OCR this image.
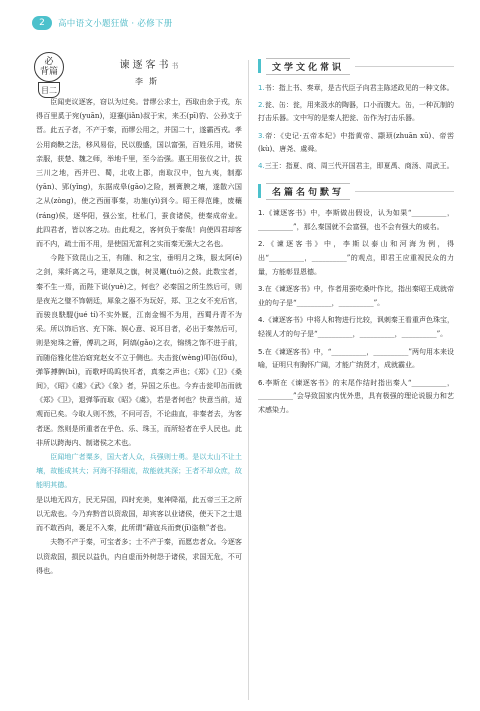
2	高中语文小题狂做 · 必修下册
必
背篇
目二
谏逐客书书
李斯

臣闻吏议逐客，窃以为过矣。昔缪公求士，西取由余于戎，东得百里奚于宛(yuān)，迎蹇(jiǎn)叔于宋，来丕(pī)豹、公孙支于晋。此五子者，不产于秦，而缪公用之，并国二十，遂霸西戎。孝公用商鞅之法，移风易俗，民以殷盛，国以富强，百姓乐用，诸侯亲服，获楚、魏之师，举地千里，至今治强。惠王用张仪之计，拔三川之地，西并巴、蜀，北收上郡，南取汉中，包九夷，制鄢(yān)、郢(yǐng)，东据成皋(gāo)之险，割膏腴之壤，遂散六国之从(zòng)，使之西面事秦，功施(yì)到今。昭王得范雎，废穰(ráng)侯，逐华阳，强公室，杜私门，蚕食诸侯，使秦成帝业。此四君者，皆以客之功。由此观之，客何负于秦哉！向使四君却客而不内，疏士而不用，是使国无富利之实而秦无强大之名也。

今陛下致昆山之玉，有随、和之宝，垂明月之珠，服太阿(ē)之剑，乘纤离之马，建翠凤之旗，树灵鼍(tuó)之鼓。此数宝者，秦不生一焉，而陛下说(yuè)之，何也？必秦国之所生然后可，则是夜光之璧不饰朝廷，犀象之器不为玩好，郑、卫之女不充后宫，而骏良駃騠(jué tí)不实外厩，江南金锡不为用，西蜀丹青不为采。所以饰后宫、充下陈、娱心意、说耳目者，必出于秦然后可，则是宛珠之簪，傅玑之珥，阿缟(gǎo)之衣，锦绣之饰不进于前，而随俗雅化佳冶窈窕赵女不立于侧也。夫击瓮(wèng)叩缶(fǒu)，弹筝搏髀(bì)，而歌呼呜呜快耳者，真秦之声也；《郑》《卫》《桑间》，《昭》《虞》《武》《象》者，异国之乐也。今弃击瓮叩缶而就《郑》《卫》，退弹筝而取《昭》《虞》，若是者何也？快意当前，适观而已矣。今取人则不然，不问可否，不论曲直，非秦者去，为客者逐。然则是所重者在乎色、乐、珠玉，而所轻者在乎人民也。此非所以跨海内、制诸侯之术也。

臣闻地广者粟多，国大者人众，兵强则士勇。是以太山不让土壤，故能成其大；河海不择细流，故能就其深；王者不却众庶，故能明其德。

是以地无四方，民无异国，四时充美，鬼神降福，此五帝三王之所以无敌也。今乃弃黔首以资敌国，却宾客以业诸侯，使天下之士退而不敢西向，裹足不入秦，此所谓“藉寇兵而赍(jī)盗粮”者也。

夫物不产于秦，可宝者多；士不产于秦，而愿忠者众。今逐客以资敌国，损民以益仇，内自虚而外树怨于诸侯，求国无危，不可得也。

文学文化常识
1.书：指上书、奏章，是古代臣子向君主陈述政见的一种文体。
2.瓮、缶：瓮，用来汲水的陶器，口小而腹大。缶，一种瓦制的打击乐器。文中写的是秦人把瓮、缶作为打击乐器。
3.帝：《史记·五帝本纪》中指黄帝、颛顼(zhuān xū)、帝喾(kù)、唐尧、虞舜。
4.三王：指夏、商、周三代开国君主，即夏禹、商汤、周武王。
名篇名句默写
1.《谏逐客书》中，李斯做出假设，认为如果“__________，__________”，那么秦国就不会富强，也不会有强大的威名。
2.《谏逐客书》中，李斯以泰山和河海为例，得出“__________，__________”的观点，即君王应重视民众的力量，方能彰显恩德。
3.在《谏逐客书》中，作者用蚕吃桑叶作比，指出秦昭王成就帝业的句子是“__________，__________”。
4.《谏逐客书》中将人和物进行比较，讽刺秦王看重声色珠宝，轻视人才的句子是“__________，__________，__________”。
5.在《谏逐客书》中，“__________，__________”两句用本来设喻，证明只有胸怀广阔，才能广纳贤才，成就霸业。
6.李斯在《谏逐客书》的末尾作结时指出秦人“__________，__________”会导致国家内忧外患，具有极强的理论说服力和艺术感染力。
